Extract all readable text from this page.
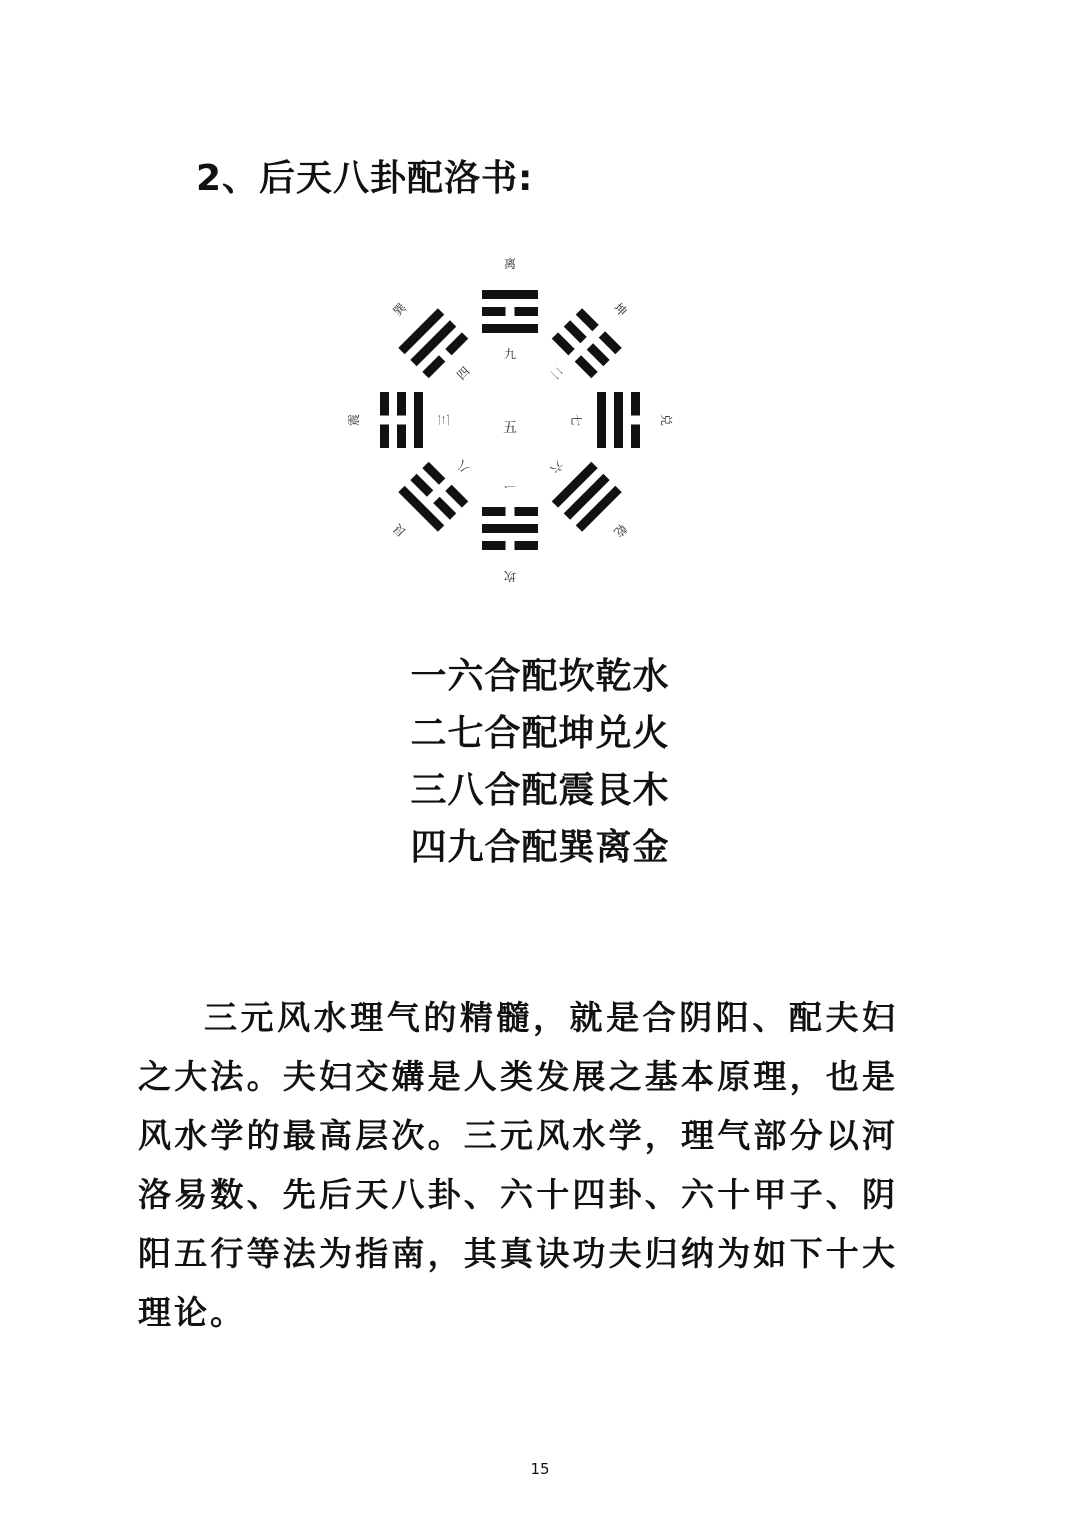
2、后天八卦配洛书:
离
九
坤
二
兑
七
乾
六
坎
一
艮
八
震	三
巽
四
五
一六合配坎乾水
二七合配坤兑火
三八合配震艮木
四九合配巽离金

三元风水理气的精髓，就是合阴阳、配夫妇之大法。夫妇交媾是人类发展之基本原理，也是风水学的最高层次。三元风水学，理气部分以河洛易数、先后天八卦、六十四卦、六十甲子、阴阳五行等法为指南，其真诀功夫归纳为如下十大理论。

15
